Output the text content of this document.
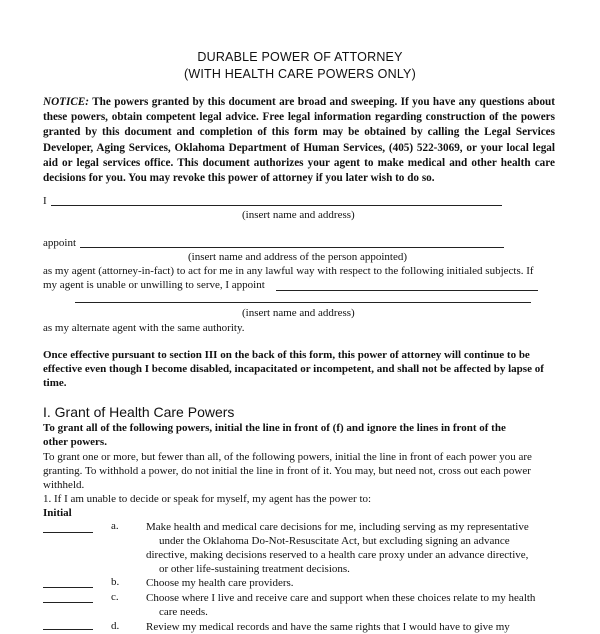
DURABLE POWER OF ATTORNEY
(WITH HEALTH CARE POWERS ONLY)
NOTICE: The powers granted by this document are broad and sweeping. If you have any questions about these powers, obtain competent legal advice. Free legal information regarding construction of the powers granted by this document and completion of this form may be obtained by calling the Legal Services Developer, Aging Services, Oklahoma Department of Human Services, (405) 522-3069, or your local legal aid or legal services office. This document authorizes your agent to make medical and other health care decisions for you. You may revoke this power of attorney if you later wish to do so.
I
(insert name and address)
appoint
(insert name and address of the person appointed)
as my agent (attorney-in-fact) to act for me in any lawful way with respect to the following initialed subjects. If
my agent is unable or unwilling to serve, I appoint
(insert name and address)
as my alternate agent with the same authority.
Once effective pursuant to section III on the back of this form, this power of attorney will continue to be effective even though I become disabled, incapacitated or incompetent, and shall not be affected by lapse of time.
I. Grant of Health Care Powers
To grant all of the following powers, initial the line in front of (f) and ignore the lines in front of the
other powers.
To grant one or more, but fewer than all, of the following powers, initial the line in front of each power you are granting. To withhold a power, do not initial the line in front of it. You may, but need not, cross out each power withheld.
1. If I am unable to decide or speak for myself, my agent has the power to:
Initial
a. Make health and medical care decisions for me, including serving as my representative
under the Oklahoma Do-Not-Resuscitate Act, but excluding signing an advance
directive, making decisions reserved to a health care proxy under an advance directive,
or other life-sustaining treatment decisions.
b. Choose my health care providers.
c. Choose where I live and receive care and support when these choices relate to my health
care needs.
d. Review my medical records and have the same rights that I would have to give my
